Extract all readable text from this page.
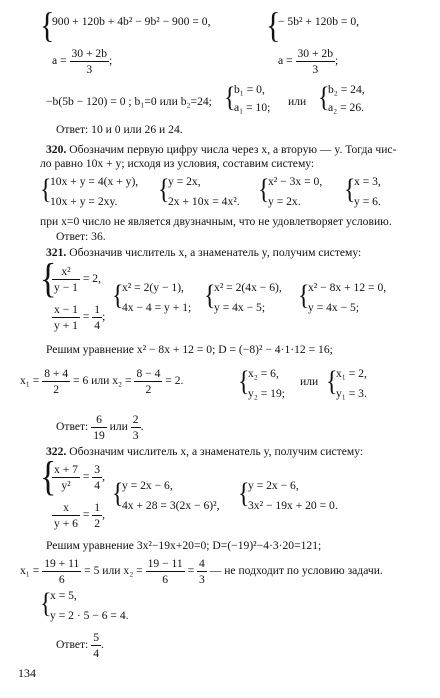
{
900 + 120b + 4b² − 9b² − 900 = 0,
$a = \frac{30 + 2b}{3}$ ;
{
− 5b² + 120b = 0,
$a = \frac{30 + 2b}{3}$ ;
−b(5b − 120) = 0 ; b₁=0 или b₂=24; {
b₁ = 0,
a₁ = 10; или {
b₂ = 24,
a₂ = 26.
Ответ: 10 и 0 или 26 и 24.
320. Обозначим первую цифру числа через x, а вторую — y. Тогда чис-
ло равно 10x + y; исходя из условия, составим систему:
{
10x + y = 4(x + y),
10x + y = 2xy. {
y = 2x,
2x + 10x = 4x². {
x² − 3x = 0,
y = 2x. {
x = 3,
y = 6.
при x=0 число не является двузначным, что не удовлетворяет условию.
Ответ: 36.
321. Обозначив числитель x, а знаменатель y, получим систему:
{
$\frac{\text{x²}}{y - 1} = 2$,
$\frac{x - 1}{y + 1} = \frac{1}{4}$ ;
{
x² = 2(y − 1),
4x − 4 = y + 1; {
x² = 2(4x − 6),
y = 4x − 5; {
x² − 8x + 12 = 0,
y = 4x − 5;
Решим уравнение x² − 8x + 12 = 0; D = (−8)² − 4·1·12 = 16;
$x_1 = \frac{8 + 4}{2} = 6$ или $x_2 = \frac{8 - 4}{2} = 2$. {
x₂ = 6,
y₂ = 19;
или {
x₁ = 2,
y₁ = 3.
Ответ: $\frac{6}{19}$ или $\frac{2}{3}$ .
322. Обозначим числитель x, а знаменатель y, получим систему:
{
$\frac{x + 7}{\text{y²}} = \frac{3}{4}$ ,
$\frac{x}{y + 6} = \frac{1}{2}$ ,
{
y = 2x − 6,
4x + 28 = 3(2x − 6)², {
y = 2x − 6,
3x² − 19x + 20 = 0.
Решим уравнение 3x²−19x+20=0; D=(−19)²−4·3·20=121;
$x_1 = \frac{19 + 11}{6} = 5$ или $x_2 = \frac{19 - 11}{6} = \frac{4}{3}$ — не подходит по условию задачи.
{
x = 5,
y = 2 · 5 − 6 = 4.
Ответ: $\frac{5}{4}$ .
134
